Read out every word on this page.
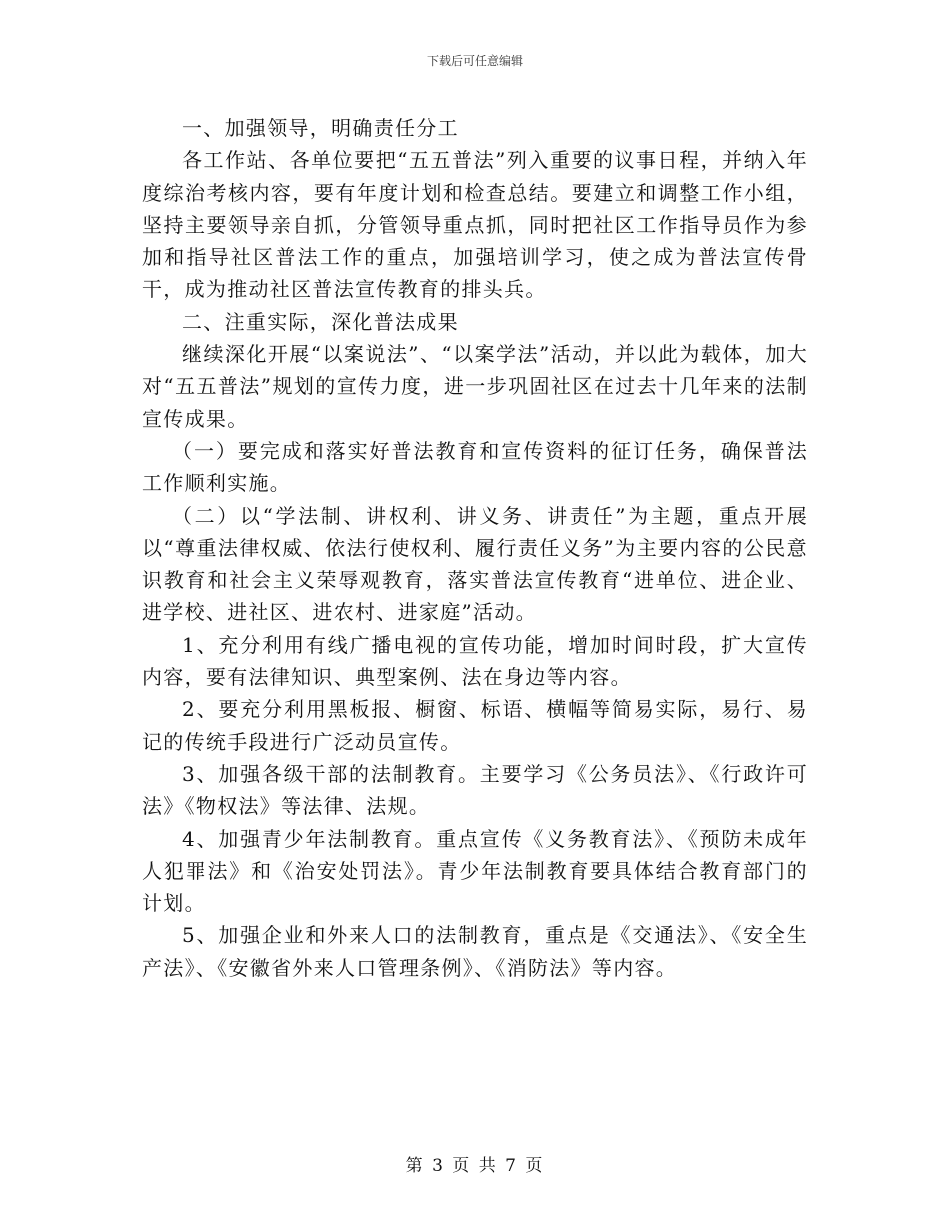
下载后可任意编辑

一、加强领导，明确责任分工

各工作站、各单位要把“五五普法”列入重要的议事日程，并纳入年度综治考核内容，要有年度计划和检查总结。要建立和调整工作小组，坚持主要领导亲自抓，分管领导重点抓，同时把社区工作指导员作为参加和指导社区普法工作的重点，加强培训学习，使之成为普法宣传骨干，成为推动社区普法宣传教育的排头兵。

二、注重实际，深化普法成果

继续深化开展“以案说法”、“以案学法”活动，并以此为载体，加大对“五五普法”规划的宣传力度，进一步巩固社区在过去十几年来的法制宣传成果。

（一）要完成和落实好普法教育和宣传资料的征订任务，确保普法工作顺利实施。

（二）以“学法制、讲权利、讲义务、讲责任”为主题，重点开展以“尊重法律权威、依法行使权利、履行责任义务”为主要内容的公民意识教育和社会主义荣辱观教育，落实普法宣传教育“进单位、进企业、进学校、进社区、进农村、进家庭”活动。

1、充分利用有线广播电视的宣传功能，增加时间时段，扩大宣传内容，要有法律知识、典型案例、法在身边等内容。

2、要充分利用黑板报、橱窗、标语、横幅等简易实际，易行、易记的传统手段进行广泛动员宣传。

3、加强各级干部的法制教育。主要学习《公务员法》、《行政许可法》《物权法》等法律、法规。

4、加强青少年法制教育。重点宣传《义务教育法》、《预防未成年人犯罪法》和《治安处罚法》。青少年法制教育要具体结合教育部门的计划。

5、加强企业和外来人口的法制教育，重点是《交通法》、《安全生产法》、《安徽省外来人口管理条例》、《消防法》等内容。

第 3 页 共 7 页
